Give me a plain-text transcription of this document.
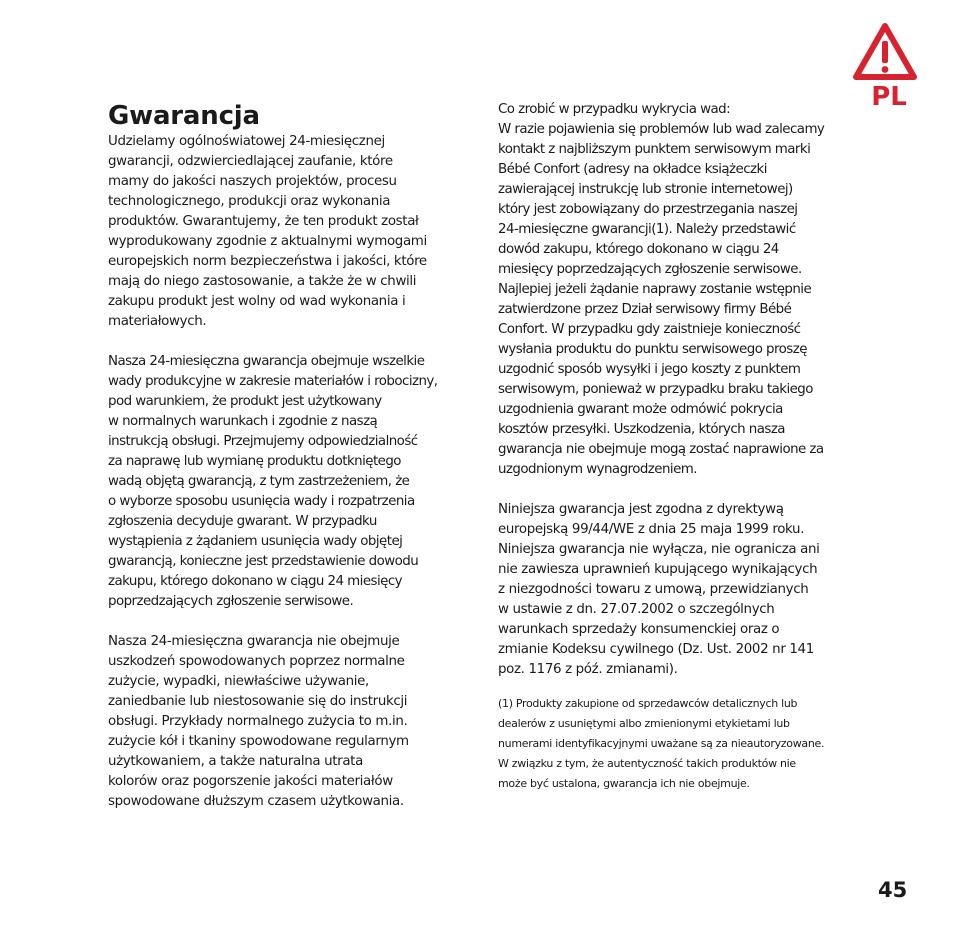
PL
Gwarancja

Udzielamy ogólnoświatowej 24-miesięcznej
gwarancji, odzwierciedlającej zaufanie, które
mamy do jakości naszych projektów, procesu
technologicznego, produkcji oraz wykonania
produktów. Gwarantujemy, że ten produkt został
wyprodukowany zgodnie z aktualnymi wymogami
europejskich norm bezpieczeństwa i jakości, które
mają do niego zastosowanie, a także że w chwili
zakupu produkt jest wolny od wad wykonania i
materiałowych.

Nasza 24-miesięczna gwarancja obejmuje wszelkie
wady produkcyjne w zakresie materiałów i robocizny,
pod warunkiem, że produkt jest użytkowany
w normalnych warunkach i zgodnie z naszą
instrukcją obsługi. Przejmujemy odpowiedzialność
za naprawę lub wymianę produktu dotkniętego
wadą objętą gwarancją, z tym zastrzeżeniem, że
o wyborze sposobu usunięcia wady i rozpatrzenia
zgłoszenia decyduje gwarant. W przypadku
wystąpienia z żądaniem usunięcia wady objętej
gwarancją, konieczne jest przedstawienie dowodu
zakupu, którego dokonano w ciągu 24 miesięcy
poprzedzających zgłoszenie serwisowe.

Nasza 24-miesięczna gwarancja nie obejmuje
uszkodzeń spowodowanych poprzez normalne
zużycie, wypadki, niewłaściwe używanie,
zaniedbanie lub niestosowanie się do instrukcji
obsługi. Przykłady normalnego zużycia to m.in.
zużycie kół i tkaniny spowodowane regularnym
użytkowaniem, a także naturalna utrata
kolorów oraz pogorszenie jakości materiałów
spowodowane dłuższym czasem użytkowania.

Co zrobić w przypadku wykrycia wad:
W razie pojawienia się problemów lub wad zalecamy
kontakt z najbliższym punktem serwisowym marki
Bébé Confort (adresy na okładce książeczki
zawierającej instrukcję lub stronie internetowej)
który jest zobowiązany do przestrzegania naszej
24-miesięczne gwarancji(1). Należy przedstawić
dowód zakupu, którego dokonano w ciągu 24
miesięcy poprzedzających zgłoszenie serwisowe.
Najlepiej jeżeli żądanie naprawy zostanie wstępnie
zatwierdzone przez Dział serwisowy firmy Bébé
Confort. W przypadku gdy zaistnieje konieczność
wysłania produktu do punktu serwisowego proszę
uzgodnić sposób wysyłki i jego koszty z punktem
serwisowym, ponieważ w przypadku braku takiego
uzgodnienia gwarant może odmówić pokrycia
kosztów przesyłki. Uszkodzenia, których nasza
gwarancja nie obejmuje mogą zostać naprawione za
uzgodnionym wynagrodzeniem.

Niniejsza gwarancja jest zgodna z dyrektywą
europejską 99/44/WE z dnia 25 maja 1999 roku.
Niniejsza gwarancja nie wyłącza, nie ogranicza ani
nie zawiesza uprawnień kupującego wynikających
z niezgodności towaru z umową, przewidzianych
w ustawie z dn. 27.07.2002 o szczególnych
warunkach sprzedaży konsumenckiej oraz o
zmianie Kodeksu cywilnego (Dz. Ust. 2002 nr 141
poz. 1176 z póź. zmianami).

(1) Produkty zakupione od sprzedawców detalicznych lub
dealerów z usuniętymi albo zmienionymi etykietami lub
numerami identyfikacyjnymi uważane są za nieautoryzowane.
W związku z tym, że autentyczność takich produktów nie
może być ustalona, gwarancja ich nie obejmuje.

45
